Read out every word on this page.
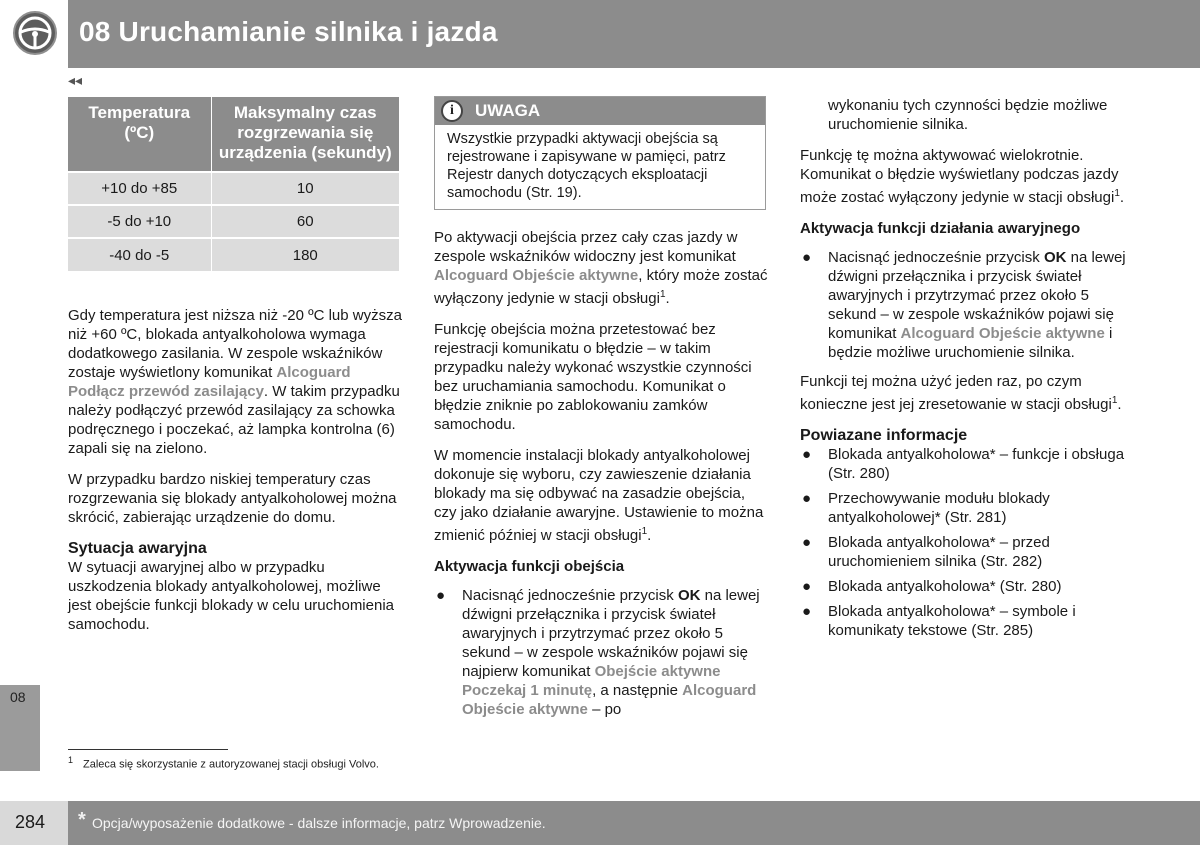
08 Uruchamianie silnika i jazda
◂◂
Temperatura (ºC)	Maksymalny czas rozgrzewania się urządzenia (sekundy)
+10 do +85	10
-5 do +10	60
-40 do -5	180

Gdy temperatura jest niższa niż -20 ºC lub wyższa niż +60 ºC, blokada antyalkoholowa wymaga dodatkowego zasilania. W zespole wskaźników zostaje wyświetlony komunikat Alcoguard Podłącz przewód zasilający. W takim przypadku należy podłączyć przewód zasilający za schowka podręcznego i poczekać, aż lampka kontrolna (6) zapali się na zielono.

W przypadku bardzo niskiej temperatury czas rozgrzewania się blokady antyalkoholowej można skrócić, zabierając urządzenie do domu.

Sytuacja awaryjna

W sytuacji awaryjnej albo w przypadku uszkodzenia blokady antyalkoholowej, możliwe jest obejście funkcji blokady w celu uruchomienia samochodu.

i	UWAGA
Wszystkie przypadki aktywacji obejścia są rejestrowane i zapisywane w pamięci, patrz Rejestr danych dotyczących eksploatacji samochodu (Str. 19).

Po aktywacji obejścia przez cały czas jazdy w zespole wskaźników widoczny jest komunikat Alcoguard Objeście aktywne, który może zostać wyłączony jedynie w stacji obsługi$^1$.

Funkcję obejścia można przetestować bez rejestracji komunikatu o błędzie – w takim przypadku należy wykonać wszystkie czynności bez uruchamiania samochodu. Komunikat o błędzie zniknie po zablokowaniu zamków samochodu.

W momencie instalacji blokady antyalkoholowej dokonuje się wyboru, czy zawieszenie działania blokady ma się odbywać na zasadzie obejścia, czy jako działanie awaryjne. Ustawienie to można zmienić później w stacji obsługi$^1$.

Aktywacja funkcji obejścia
● Nacisnąć jednocześnie przycisk OK na lewej dźwigni przełącznika i przycisk świateł awaryjnych i przytrzymać przez około 5 sekund – w zespole wskaźników pojawi się najpierw komunikat Obejście aktywne Poczekaj 1 minutę, a następnie Alcoguard Objeście aktywne – po

wykonaniu tych czynności będzie możliwe uruchomienie silnika.

Funkcję tę można aktywować wielokrotnie. Komunikat o błędzie wyświetlany podczas jazdy może zostać wyłączony jedynie w stacji obsługi$^1$.

Aktywacja funkcji działania awaryjnego
● Nacisnąć jednocześnie przycisk OK na lewej dźwigni przełącznika i przycisk świateł awaryjnych i przytrzymać przez około 5 sekund – w zespole wskaźników pojawi się komunikat Alcoguard Objeście aktywne i będzie możliwe uruchomienie silnika.

Funkcji tej można użyć jeden raz, po czym konieczne jest jej zresetowanie w stacji obsługi$^1$.

Powiazane informacje
● Blokada antyalkoholowa* – funkcje i obsługa (Str. 280)
● Przechowywanie modułu blokady antyalkoholowej* (Str. 281)
● Blokada antyalkoholowa* – przed uruchomieniem silnika (Str. 282)
● Blokada antyalkoholowa* (Str. 280)
● Blokada antyalkoholowa* – symbole i komunikaty tekstowe (Str. 285)
08
$^1$ Zaleca się skorzystanie z autoryzowanej stacji obsługi Volvo.
284 * Opcja/wyposażenie dodatkowe - dalsze informacje, patrz Wprowadzenie.
